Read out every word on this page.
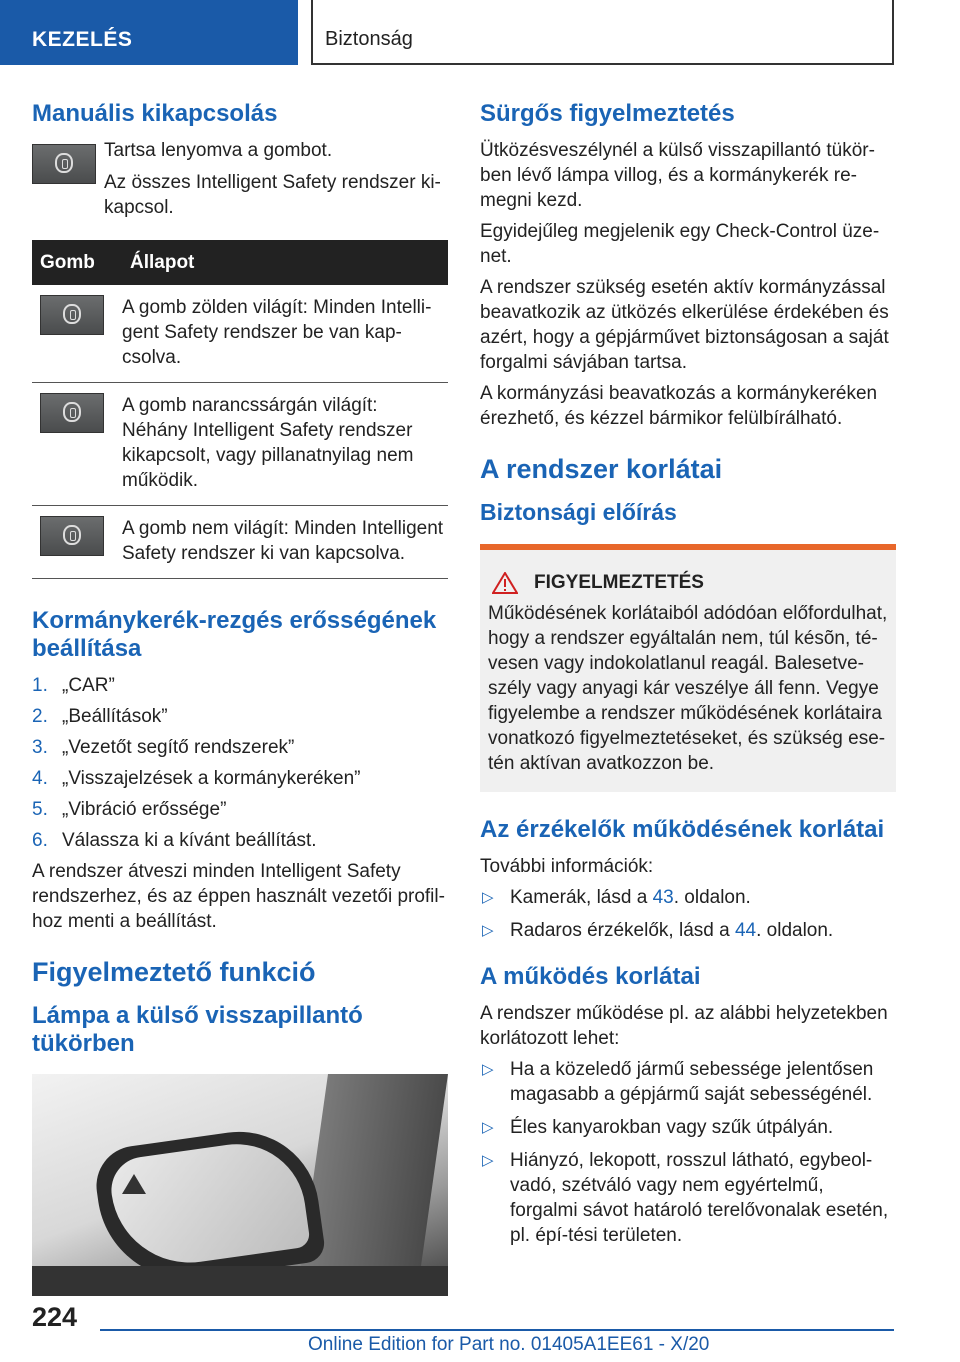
KEZELÉS	Biztonság
Manuális kikapcsolás

Tartsa lenyomva a gombot.

Az összes Intelligent Safety rendszer ki-kapcsol.

Gomb	Állapot

	A gomb zölden világít: Minden Intelli-gent Safety rendszer be van kap-csolva.

	A gomb narancssárgán világít: Néhány Intelligent Safety rendszer kikapcsolt, vagy pillanatnyilag nem működik.

	A gomb nem világít: Minden Intelligent Safety rendszer ki van kapcsolva.
Kormánykerék-rezgés erősségének beállítása
1. „CAR”
2. „Beállítások”
3. „Vezetőt segítő rendszerek”
4. „Visszajelzések a kormánykeréken”
5. „Vibráció erőssége”
6. Válassza ki a kívánt beállítást.

A rendszer átveszi minden Intelligent Safety rendszerhez, és az éppen használt vezetői profil-hoz menti a beállítást.

Figyelmeztető funkció
Lámpa a külső visszapillantó tükörben
Sürgős figyelmeztetés

Ütközésveszélynél a külső visszapillantó tükör-ben lévő lámpa villog, és a kormánykerék re-megni kezd.

Egyidejűleg megjelenik egy Check-Control üze-net.

A rendszer szükség esetén aktív kormányzással beavatkozik az ütközés elkerülése érdekében és azért, hogy a gépjárművet biztonságosan a saját forgalmi sávjában tartsa.

A kormányzási beavatkozás a kormánykeréken érezhető, és kézzel bármikor felülbírálható.

A rendszer korlátai
Biztonsági előírás
FIGYELMEZTETÉS
Működésének korlátaiból adódóan előfordulhat, hogy a rendszer egyáltalán nem, túl késõn, té-vesen vagy indokolatlanul reagál. Balesetve-szély vagy anyagi kár veszélye áll fenn. Vegye figyelembe a rendszer működésének korlátaira vonatkozó figyelmeztetéseket, és szükség ese-tén aktívan avatkozzon be.
Az érzékelők működésének korlátai

További információk:

▷ Kamerák, lásd a 43. oldalon.
▷ Radaros érzékelők, lásd a 44. oldalon.
A működés korlátai

A rendszer működése pl. az alábbi helyzetekben korlátozott lehet:

▷ Ha a közeledő jármű sebessége jelentősen magasabb a gépjármű saját sebességénél.
▷ Éles kanyarokban vagy szűk útpályán.
▷ Hiányzó, lekopott, rosszul látható, egybeol-vadó, szétváló vagy nem egyértelmű, forgalmi sávot határoló terelővonalak esetén, pl. épí-tési területen.
224
Online Edition for Part no. 01405A1EE61 - X/20
